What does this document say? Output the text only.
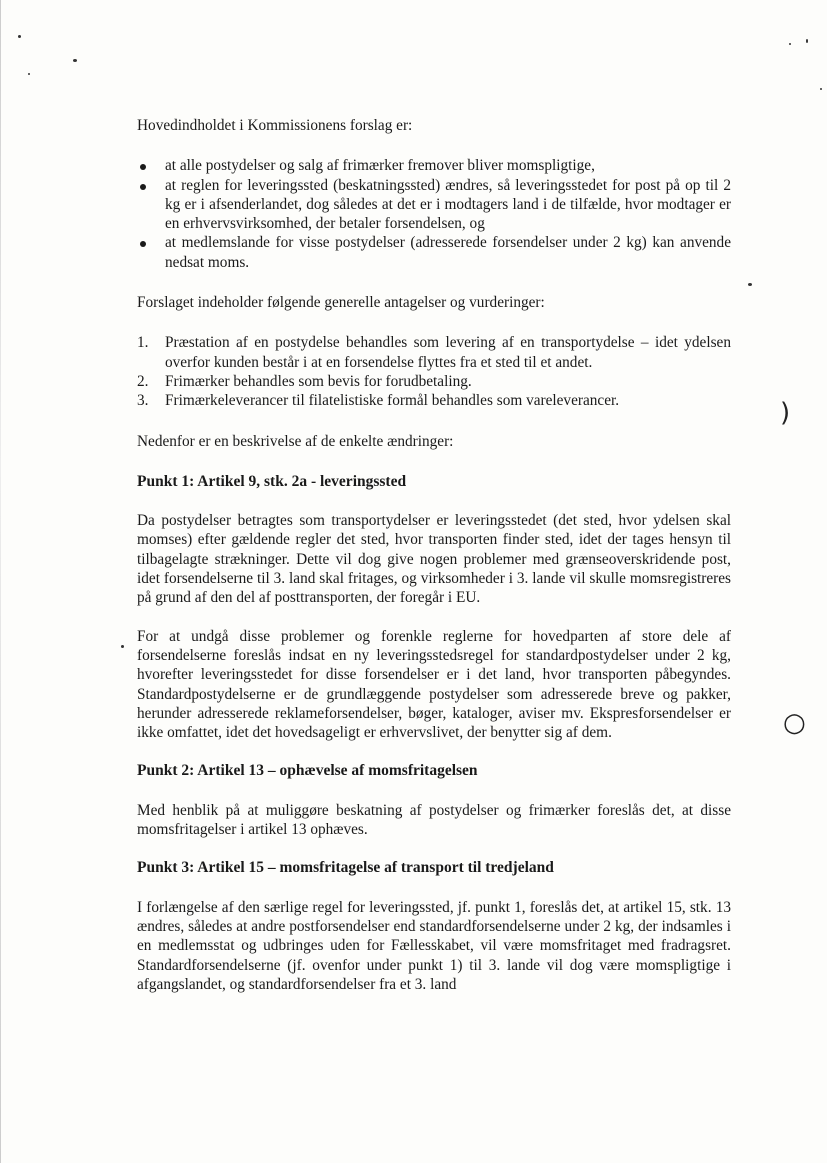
)
○

Hovedindholdet i Kommissionens forslag er:

at alle postydelser og salg af frimærker fremover bliver momspligtige,
at reglen for leveringssted (beskatningssted) ændres, så leveringsstedet for post på op til 2 kg er i afsenderlandet, dog således at det er i modtagers land i de tilfælde, hvor modtager er en erhvervsvirksomhed, der betaler forsendelsen, og
at medlemslande for visse postydelser (adresserede forsendelser under 2 kg) kan anvende nedsat moms.

Forslaget indeholder følgende generelle antagelser og vurderinger:

1. Præstation af en postydelse behandles som levering af en transportydelse – idet ydelsen overfor kunden består i at en forsendelse flyttes fra et sted til et andet.
2. Frimærker behandles som bevis for forudbetaling.
3. Frimærkeleverancer til filatelistiske formål behandles som vareleverancer.

Nedenfor er en beskrivelse af de enkelte ændringer:

Punkt 1: Artikel 9, stk. 2a - leveringssted

Da postydelser betragtes som transportydelser er leveringsstedet (det sted, hvor ydelsen skal momses) efter gældende regler det sted, hvor transporten finder sted, idet der tages hensyn til tilbagelagte strækninger. Dette vil dog give nogen problemer med grænseoverskridende post, idet forsendelserne til 3. land skal fritages, og virksomheder i 3. lande vil skulle momsregistreres på grund af den del af posttransporten, der foregår i EU.

For at undgå disse problemer og forenkle reglerne for hovedparten af store dele af forsendelserne foreslås indsat en ny leveringsstedsregel for standardpostydelser under 2 kg, hvorefter leveringsstedet for disse forsendelser er i det land, hvor transporten påbegyndes. Standardpostydelserne er de grundlæggende postydelser som adresserede breve og pakker, herunder adresserede reklameforsendelser, bøger, kataloger, aviser mv. Ekspresforsendelser er ikke omfattet, idet det hovedsageligt er erhvervslivet, der benytter sig af dem.

Punkt 2: Artikel 13 – ophævelse af momsfritagelsen

Med henblik på at muliggøre beskatning af postydelser og frimærker foreslås det, at disse momsfritagelser i artikel 13 ophæves.

Punkt 3: Artikel 15 – momsfritagelse af transport til tredjeland

I forlængelse af den særlige regel for leveringssted, jf. punkt 1, foreslås det, at artikel 15, stk. 13 ændres, således at andre postforsendelser end standardforsendelserne under 2 kg, der indsamles i en medlemsstat og udbringes uden for Fællesskabet, vil være momsfritaget med fradragsret. Standardforsendelserne (jf. ovenfor under punkt 1) til 3. lande vil dog være momspligtige i afgangslandet, og standardforsendelser fra et 3. land
